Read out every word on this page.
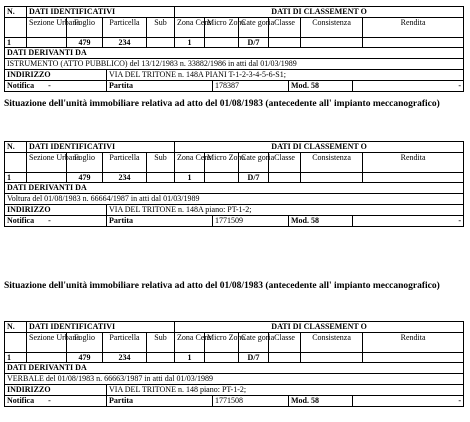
N.	DATI IDENTIFICATIVI				DATI DI CLASSEMENT O					
	Sezione Urbana	Foglio	Particella	Sub	Zona Cens	Micro Zona	Cate goria	Classe	Consistenza	Rendita
1		479	234		1		D/7			
DATI DERIVANTI DA				
ISTRUMENTO (ATTO PUBBLICO) del 13/12/1983 n. 33882/1986 in atti dal 01/03/1989				
INDIRIZZO	VIA DEL TRITONE n. 148A PIANI T-1-2-3-4-5-6-S1;			
Notifica -	Partita	178387	Mod. 58	-
Situazione dell'unità immobiliare relativa ad atto del 01/08/1983 (antecedente all' impianto meccanografico)
N.	DATI IDENTIFICATIVI				DATI DI CLASSEMENT O					
	Sezione Urbana	Foglio	Particella	Sub	Zona Cens	Micro Zona	Cate goria	Classe	Consistenza	Rendita
1		479	234		1		D/7			
DATI DERIVANTI DA				
Voltura del 01/08/1983 n. 66664/1987 in atti dal 01/03/1989				
INDIRIZZO	VIA DEL TRITONE n. 148A piano: PT-1-2;			
Notifica -	Partita	1771509	Mod. 58	-
Situazione dell'unità immobiliare relativa ad atto del 01/08/1983 (antecedente all' impianto meccanografico)
N.	DATI IDENTIFICATIVI				DATI DI CLASSEMENT O					
	Sezione Urbana	Foglio	Particella	Sub	Zona Cens	Micro Zona	Cate goria	Classe	Consistenza	Rendita
1		479	234		1		D/7			
DATI DERIVANTI DA				
VERBALE del 01/08/1983 n. 66663/1987 in atti dal 01/03/1989				
INDIRIZZO	VIA DEL TRITONE n. 148 piano: PT-1-2;			
Notifica -	Partita	1771508	Mod. 58	-
